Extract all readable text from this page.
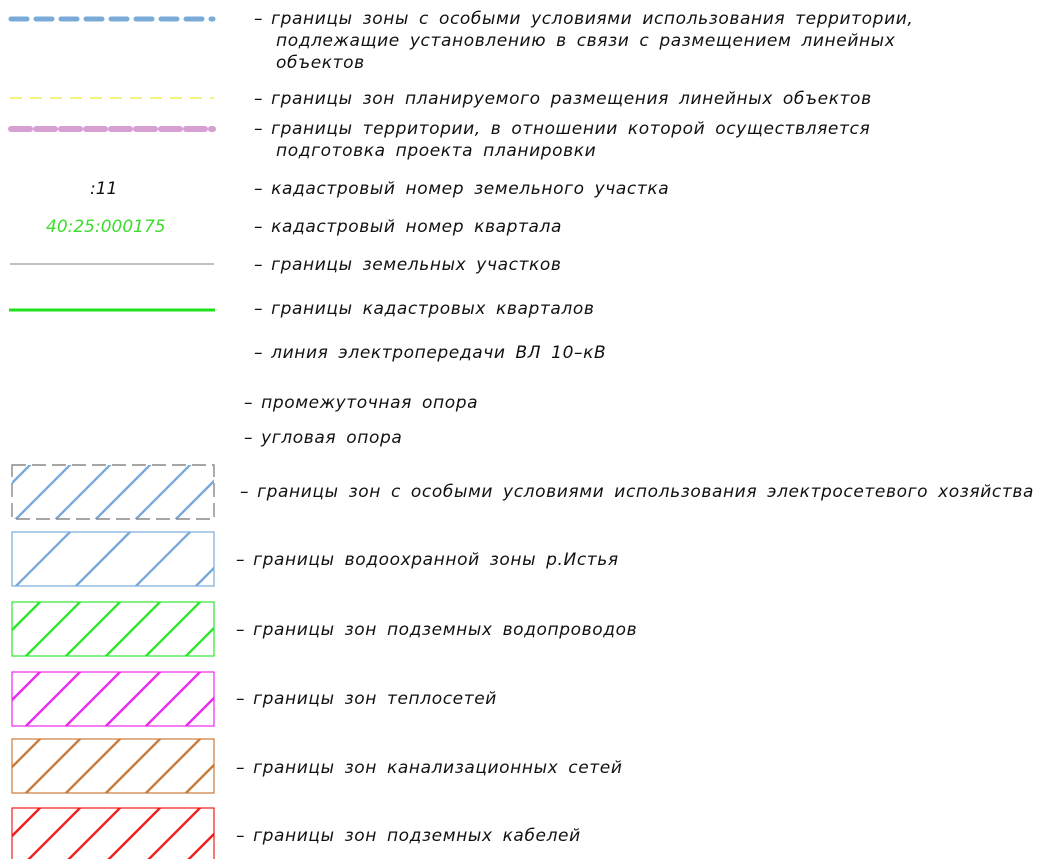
– границы зоны с особыми условиями использования территории,
подлежащие установлению в связи с размещением линейных
объектов
– границы зон планируемого размещения линейных объектов
– границы территории, в отношении которой осуществляется
подготовка проекта планировки
:11	– кадастровый номер земельного участка
40:25:000175	– кадастровый номер квартала
– границы земельных участков
– границы кадастровых кварталов
– линия электропередачи ВЛ 10–кВ
– промежуточная опора
– угловая опора
– границы зон с особыми условиями использования электросетевого хозяйства
– границы водоохранной зоны р.Истья
– границы зон подземных водопроводов
– границы зон теплосетей
– границы зон канализационных сетей
– границы зон подземных кабелей
